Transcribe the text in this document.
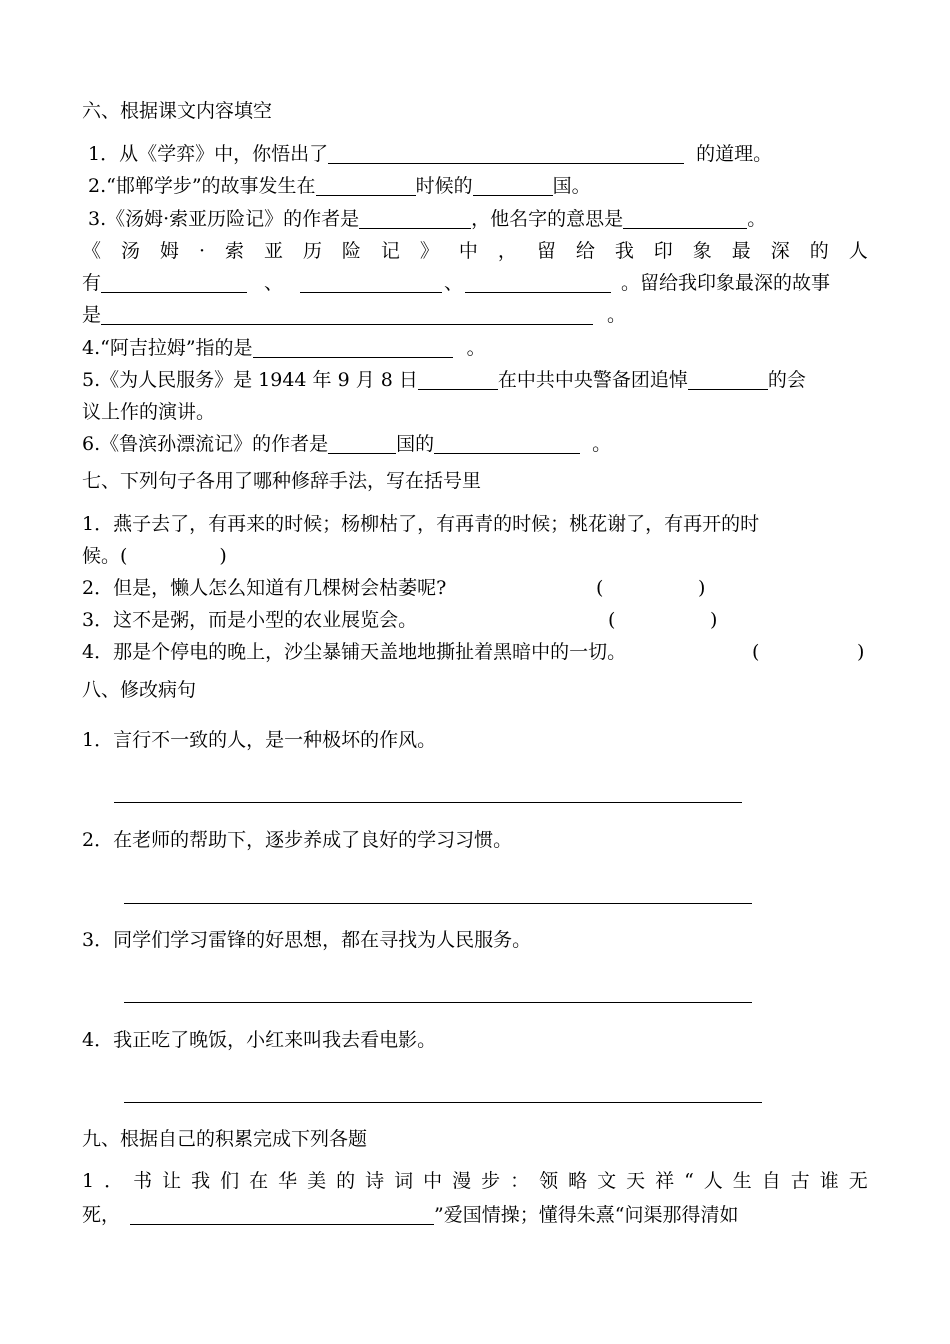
六、根据课文内容填空
1．从《学弈》中，你悟出了	的道理。
2.“邯郸学步”的故事发生在	时候的	国。
3.《汤姆·索亚历险记》的作者是	，他名字的意思是	。
《 汤 姆 · 索 亚 历 险 记 》 中 ， 留 给 我 印 象 最 深 的 人
有	、	、	。留给我印象最深的故事
是	。
4.“阿吉拉姆”指的是	。
5.《为人民服务》是 1944 年 9 月 8 日	在中共中央警备团追悼	的会
议上作的演讲。
6.《鲁滨孙漂流记》的作者是	国的	。
七、下列句子各用了哪种修辞手法，写在括号里
1．燕子去了，有再来的时候；杨柳枯了，有再青的时候；桃花谢了，有再开的时
候。(	)
2．但是，懒人怎么知道有几棵树会枯萎呢?	(	)
3．这不是粥，而是小型的农业展览会。	(	)
4．那是个停电的晚上，沙尘暴铺天盖地地撕扯着黑暗中的一切。	(	)
八、修改病句
1．言行不一致的人，是一种极坏的作风。
2．在老师的帮助下，逐步养成了良好的学习习惯。
3．同学们学习雷锋的好思想，都在寻找为人民服务。
4．我正吃了晚饭，小红来叫我去看电影。
九、根据自己的积累完成下列各题
1 ． 书 让 我 们 在 华 美 的 诗 词 中 漫 步 ： 领 略 文 天 祥 “ 人 生 自 古 谁 无
死，	”爱国情操；懂得朱熹“问渠那得清如
